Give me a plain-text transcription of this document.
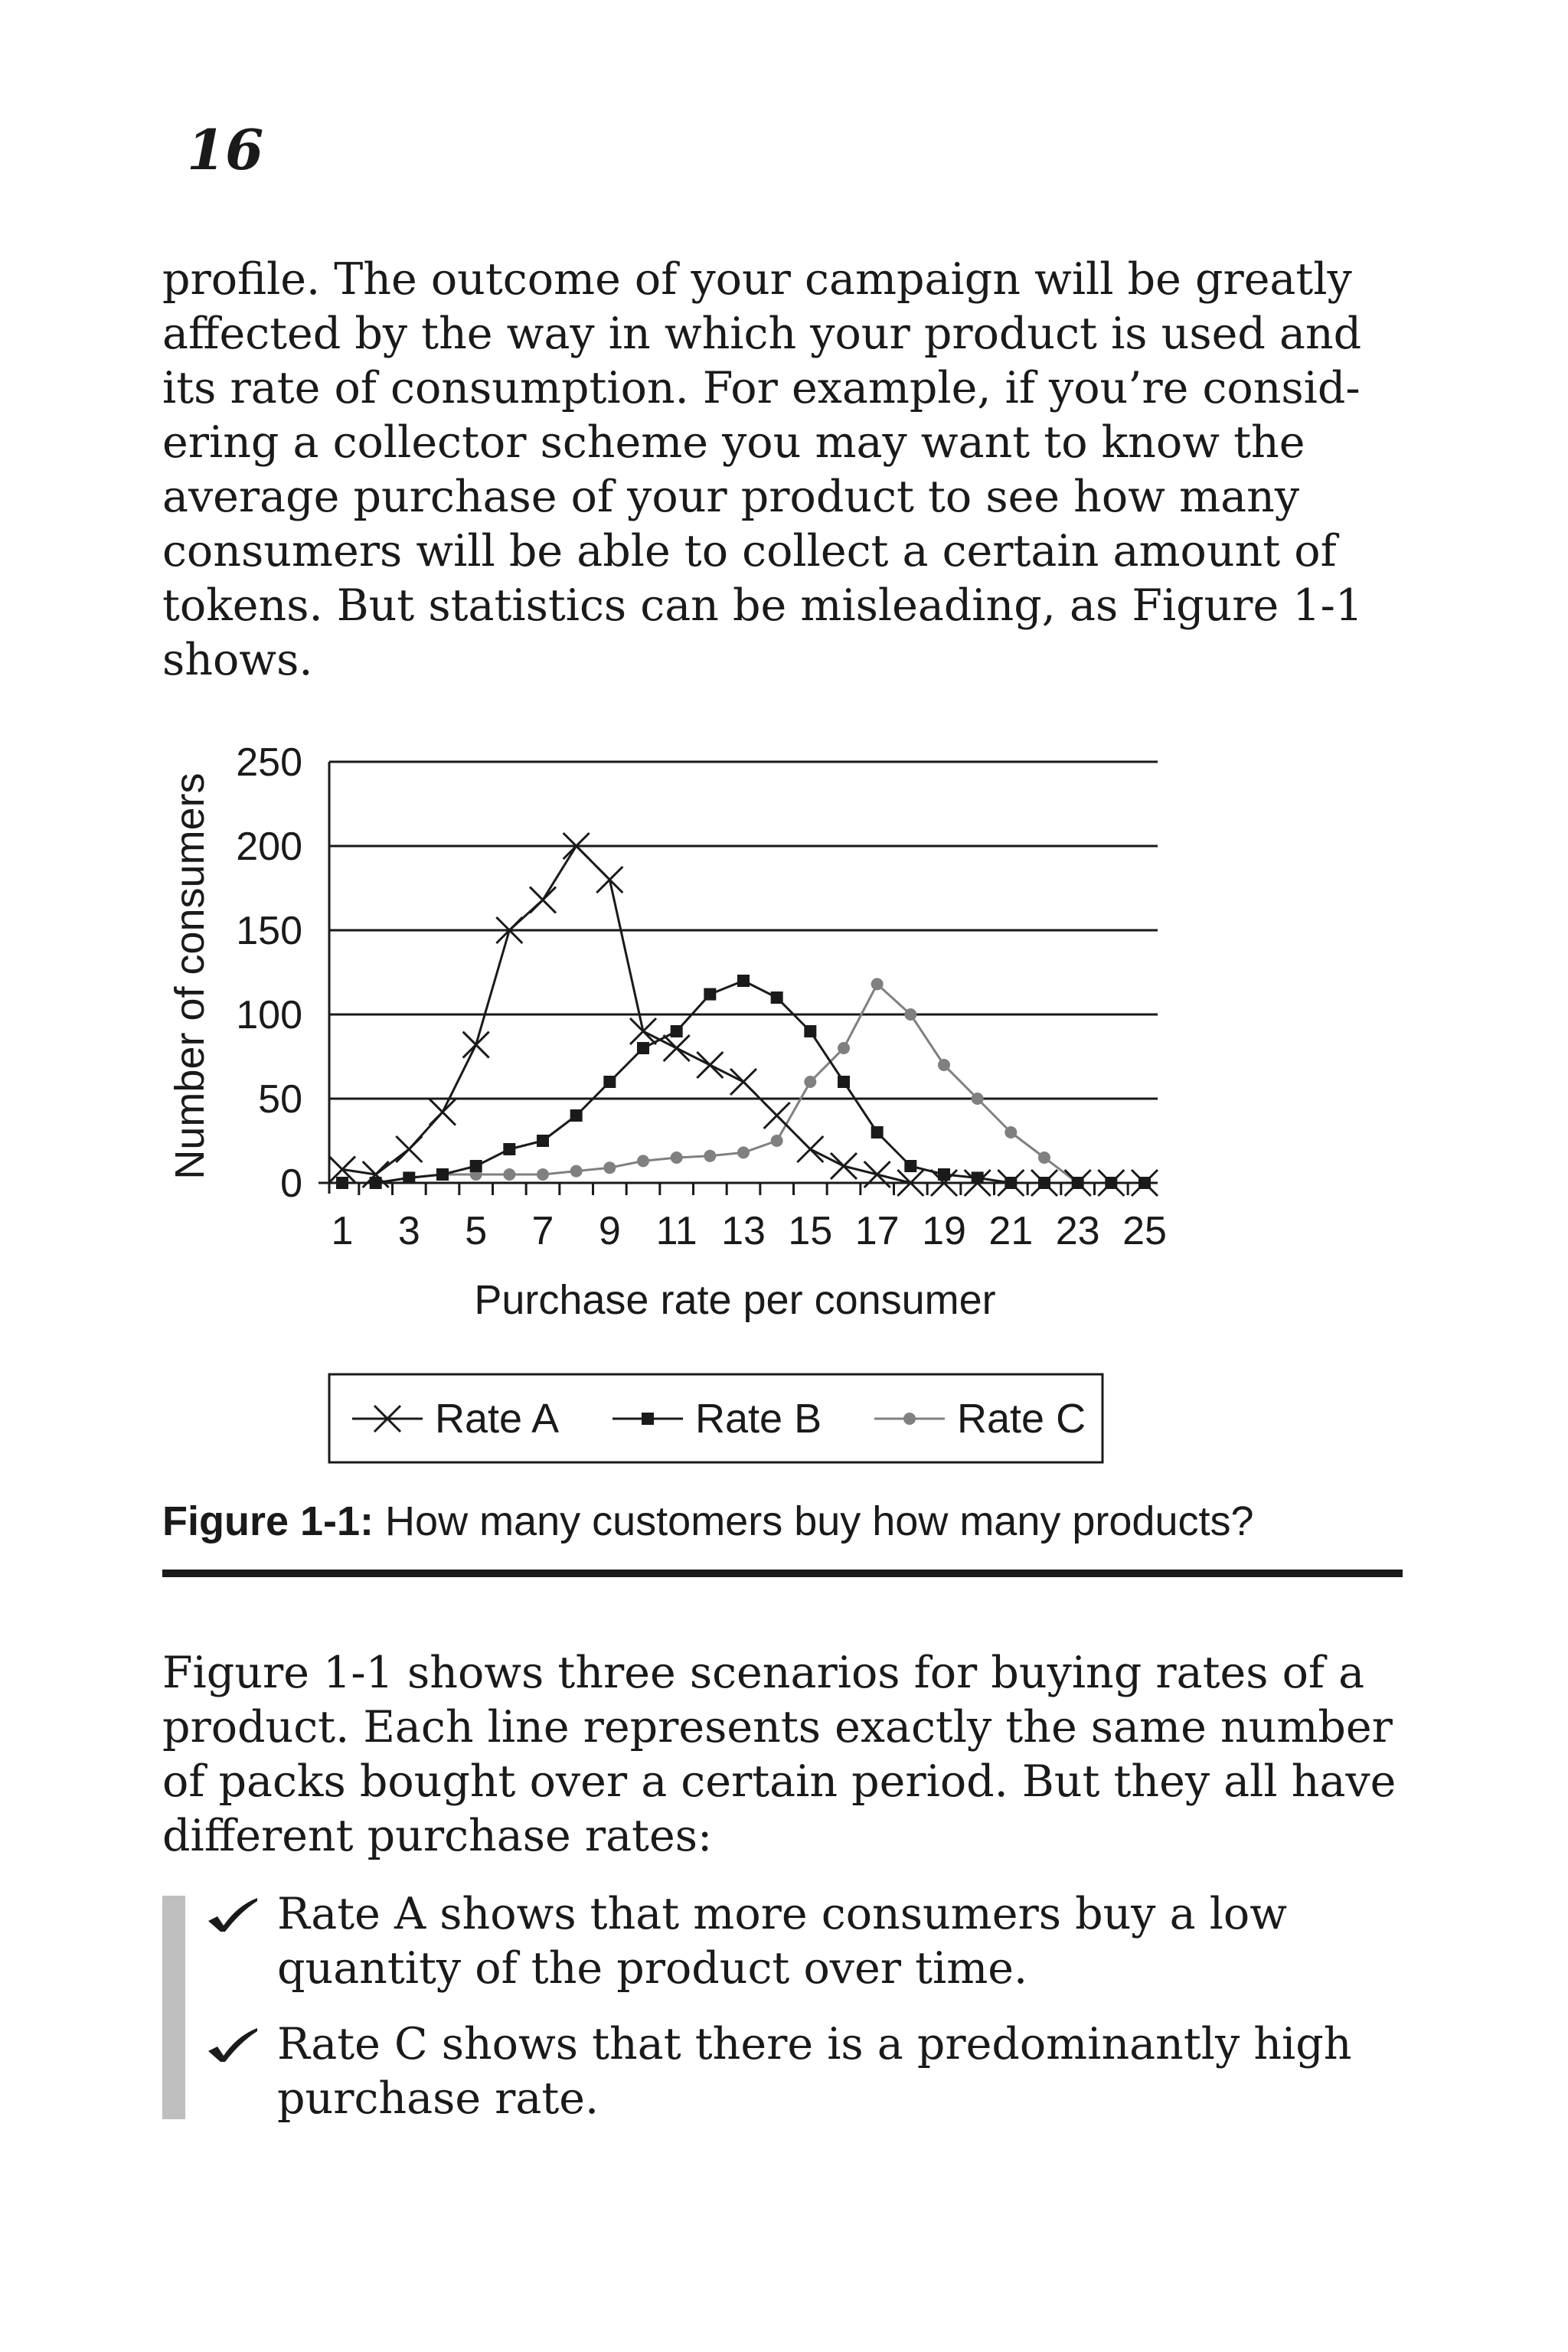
16
profile. The outcome of your campaign will be greatly
affected by the way in which your product is used and
its rate of consumption. For example, if you’re consid-
ering a collector scheme you may want to know the
average purchase of your product to see how many
consumers will be able to collect a certain amount of
tokens. But statistics can be misleading, as Figure 1-1
shows.
0
50
100
150
200
250
1 3 5 7 9 11 13 15 17 19 21 23 25
Purchase rate per consumer
Number of consumers
Rate A	Rate B	Rate C
Figure 1-1: How many customers buy how many products?
Figure 1-1 shows three scenarios for buying rates of a
product. Each line represents exactly the same number
of packs bought over a certain period. But they all have
different purchase rates:
Rate A shows that more consumers buy a low
quantity of the product over time.
Rate C shows that there is a predominantly high
purchase rate.
